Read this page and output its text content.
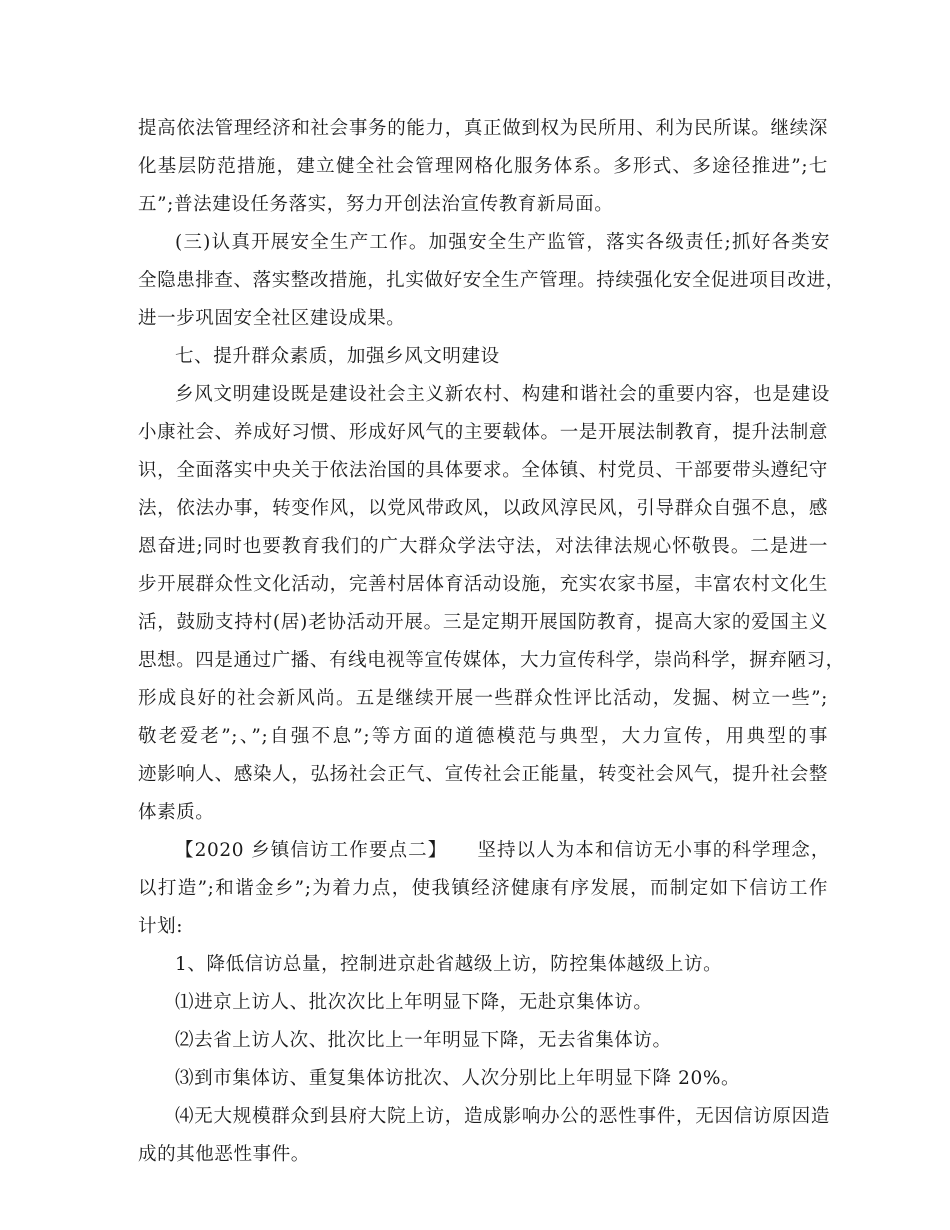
提高依法管理经济和社会事务的能力，真正做到权为民所用、利为民所谋。继续深
化基层防范措施，建立健全社会管理网格化服务体系。多形式、多途径推进”;七
五”;普法建设任务落实，努力开创法治宣传教育新局面。
(三)认真开展安全生产工作。加强安全生产监管，落实各级责任;抓好各类安
全隐患排查、落实整改措施，扎实做好安全生产管理。持续强化安全促进项目改进，
进一步巩固安全社区建设成果。
七、提升群众素质，加强乡风文明建设
乡风文明建设既是建设社会主义新农村、构建和谐社会的重要内容，也是建设
小康社会、养成好习惯、形成好风气的主要载体。一是开展法制教育，提升法制意
识，全面落实中央关于依法治国的具体要求。全体镇、村党员、干部要带头遵纪守
法，依法办事，转变作风，以党风带政风，以政风淳民风，引导群众自强不息，感
恩奋进;同时也要教育我们的广大群众学法守法，对法律法规心怀敬畏。二是进一
步开展群众性文化活动，完善村居体育活动设施，充实农家书屋，丰富农村文化生
活，鼓励支持村(居)老协活动开展。三是定期开展国防教育，提高大家的爱国主义
思想。四是通过广播、有线电视等宣传媒体，大力宣传科学，崇尚科学，摒弃陋习，
形成良好的社会新风尚。五是继续开展一些群众性评比活动，发掘、树立一些”;
敬老爱老”;、”;自强不息”;等方面的道德模范与典型，大力宣传，用典型的事
迹影响人、感染人，弘扬社会正气、宣传社会正能量，转变社会风气，提升社会整
体素质。
【2020 乡镇信访工作要点二】　　坚持以人为本和信访无小事的科学理念，
以打造”;和谐金乡”;为着力点，使我镇经济健康有序发展，而制定如下信访工作
计划:
1、降低信访总量，控制进京赴省越级上访，防控集体越级上访。
⑴进京上访人、批次次比上年明显下降，无赴京集体访。
⑵去省上访人次、批次比上一年明显下降，无去省集体访。
⑶到市集体访、重复集体访批次、人次分别比上年明显下降 20%。
⑷无大规模群众到县府大院上访，造成影响办公的恶性事件，无因信访原因造
成的其他恶性事件。
